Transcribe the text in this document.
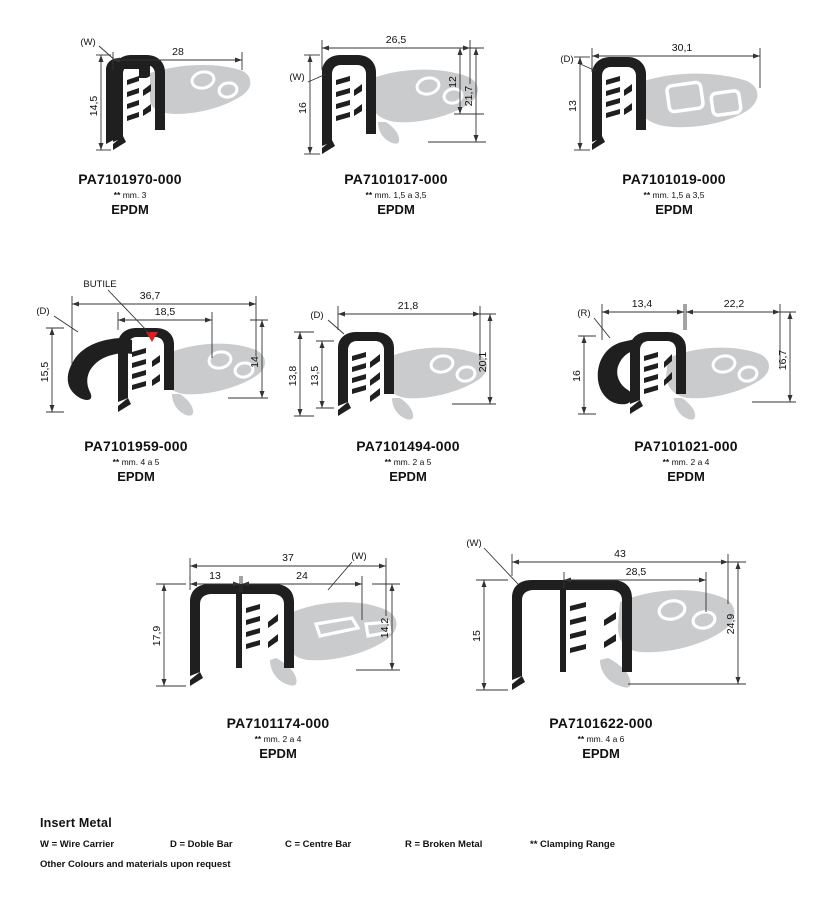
28
14,5
(W)
PA7101970-000
** mm. 3
EPDM
26,5
16
12
21,7
(W)
PA7101017-000
** mm. 1,5 a 3,5
EPDM
30,1
13
(D)
PA7101019-000
** mm. 1,5 a 3,5
EPDM
BUTILE
36,7
18,5
15,5	14
(D)
PA7101959-000
** mm. 4 a 5
EPDM
21,8
13,8 13,5
20,1
(D)
PA7101494-000
** mm. 2 a 5
EPDM
13,4	22,2
16
16,7
(R)
PA7101021-000
** mm. 2 a 4
EPDM
37
13	24
17,9	14,2
(W)
PA7101174-000
** mm. 2 a 4
EPDM
43
28,5
15
24,9
(W)
PA7101622-000
** mm. 4 a 6
EPDM
Insert Metal
W = Wire Carrier	D = Doble Bar	C = Centre Bar	R = Broken Metal	** Clamping Range
Other Colours and materials upon request
